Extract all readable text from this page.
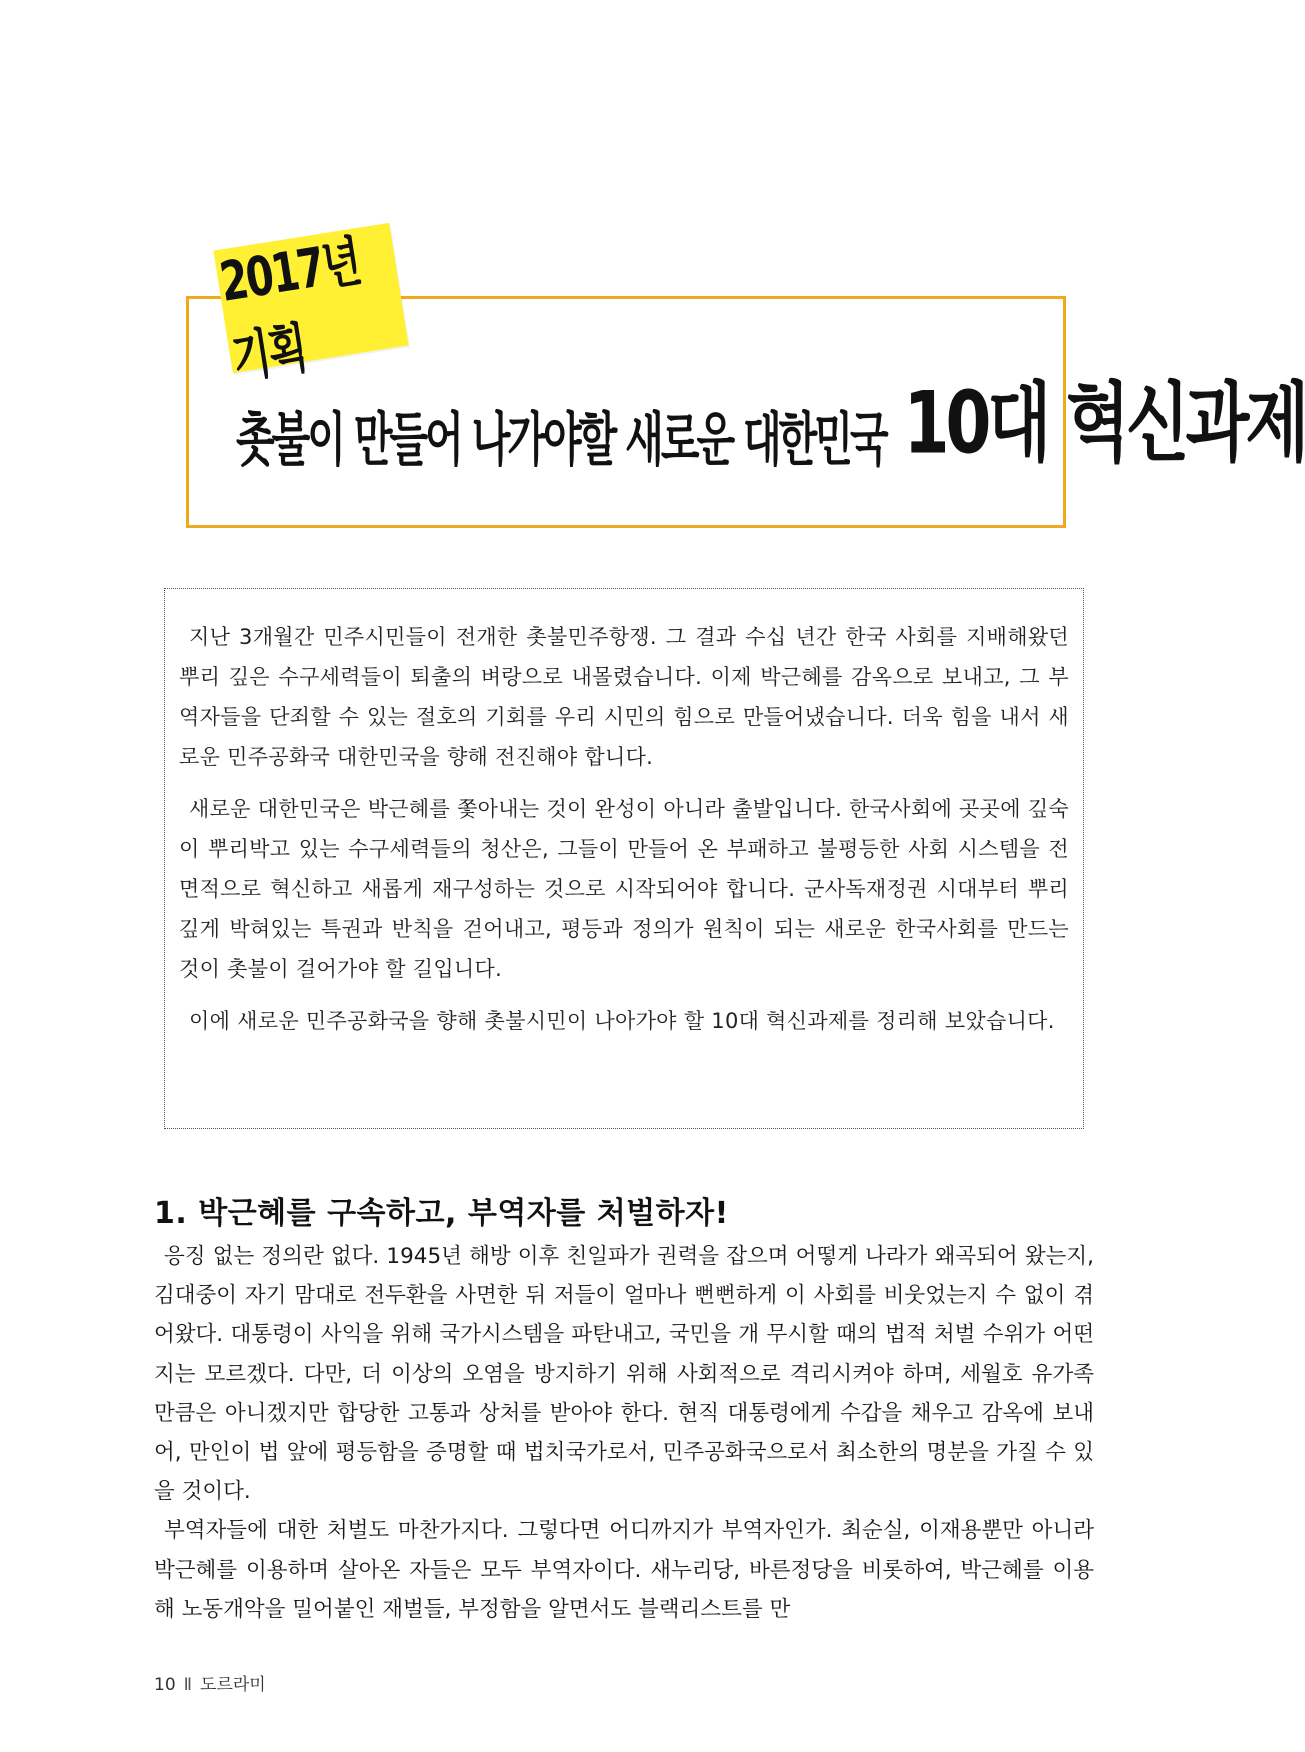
2017년 기획
촛불이 만들어 나가야할 새로운 대한민국 10대 혁신과제

지난 3개월간 민주시민들이 전개한 촛불민주항쟁. 그 결과 수십 년간 한국 사회를 지배해왔던 뿌리 깊은 수구세력들이 퇴출의 벼랑으로 내몰렸습니다. 이제 박근혜를 감옥으로 보내고, 그 부역자들을 단죄할 수 있는 절호의 기회를 우리 시민의 힘으로 만들어냈습니다. 더욱 힘을 내서 새로운 민주공화국 대한민국을 향해 전진해야 합니다.

새로운 대한민국은 박근혜를 쫓아내는 것이 완성이 아니라 출발입니다. 한국사회에 곳곳에 깊숙이 뿌리박고 있는 수구세력들의 청산은, 그들이 만들어 온 부패하고 불평등한 사회 시스템을 전면적으로 혁신하고 새롭게 재구성하는 것으로 시작되어야 합니다. 군사독재정권 시대부터 뿌리 깊게 박혀있는 특권과 반칙을 걷어내고, 평등과 정의가 원칙이 되는 새로운 한국사회를 만드는 것이 촛불이 걸어가야 할 길입니다.

이에 새로운 민주공화국을 향해 촛불시민이 나아가야 할 10대 혁신과제를 정리해 보았습니다.

1. 박근혜를 구속하고, 부역자를 처벌하자!

응징 없는 정의란 없다. 1945년 해방 이후 친일파가 권력을 잡으며 어떻게 나라가 왜곡되어 왔는지, 김대중이 자기 맘대로 전두환을 사면한 뒤 저들이 얼마나 뻔뻔하게 이 사회를 비웃었는지 수 없이 겪어왔다. 대통령이 사익을 위해 국가시스템을 파탄내고, 국민을 개 무시할 때의 법적 처벌 수위가 어떤지는 모르겠다. 다만, 더 이상의 오염을 방지하기 위해 사회적으로 격리시켜야 하며, 세월호 유가족 만큼은 아니겠지만 합당한 고통과 상처를 받아야 한다. 현직 대통령에게 수갑을 채우고 감옥에 보내어, 만인이 법 앞에 평등함을 증명할 때 법치국가로서, 민주공화국으로서 최소한의 명분을 가질 수 있을 것이다.

부역자들에 대한 처벌도 마찬가지다. 그렇다면 어디까지가 부역자인가. 최순실, 이재용뿐만 아니라 박근혜를 이용하며 살아온 자들은 모두 부역자이다. 새누리당, 바른정당을 비롯하여, 박근혜를 이용해 노동개악을 밀어붙인 재벌들, 부정함을 알면서도 블랙리스트를 만

10 Ⅱ 도르라미
